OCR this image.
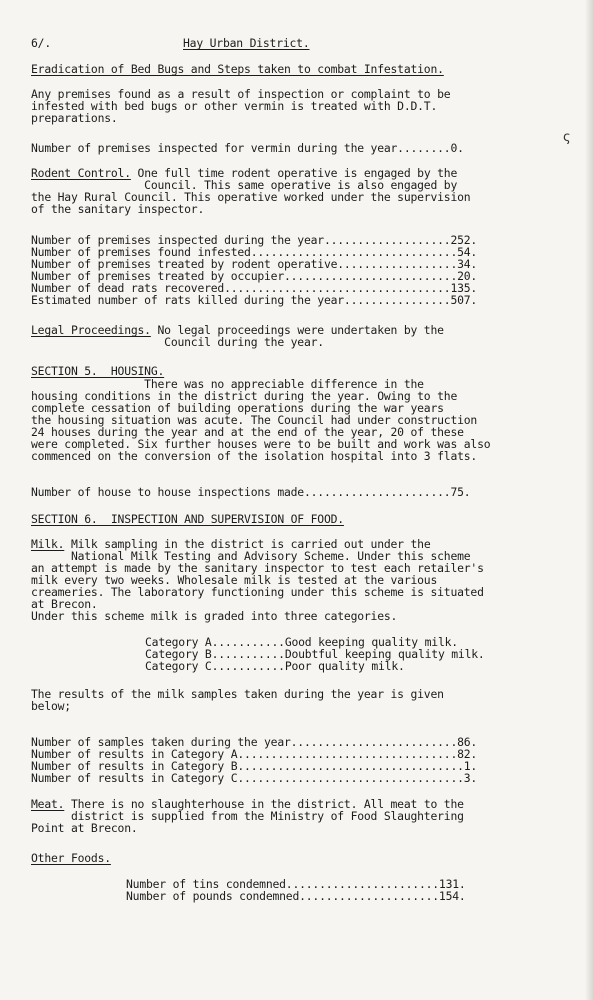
6/.	Hay Urban District.
Eradication of Bed Bugs and Steps taken to combat Infestation.
Any premises found as a result of inspection or complaint to be
infested with bed bugs or other vermin is treated with D.D.T.
preparations.
Number of premises inspected for vermin during the year........0.
Rodent Control. One full time rodent operative is engaged by the
Council. This same operative is also engaged by
the Hay Rural Council. This operative worked under the supervision
of the sanitary inspector.
Number of premises inspected during the year...................252.
Number of premises found infested...............................54.
Number of premises treated by rodent operative..................34.
Number of premises treated by occupier..........................20.
Number of dead rats recovered..................................135.
Estimated number of rats killed during the year................507.
Legal Proceedings. No legal proceedings were undertaken by the
Council during the year.
SECTION 5.  HOUSING.
There was no appreciable difference in the
housing conditions in the district during the year. Owing to the
complete cessation of building operations during the war years
the housing situation was acute. The Council had under construction
24 houses during the year and at the end of the year, 20 of these
were completed. Six further houses were to be built and work was also
commenced on the conversion of the isolation hospital into 3 flats.
Number of house to house inspections made......................75.
SECTION 6.  INSPECTION AND SUPERVISION OF FOOD.
Milk. Milk sampling in the district is carried out under the
National Milk Testing and Advisory Scheme. Under this scheme
an attempt is made by the sanitary inspector to test each retailer's
milk every two weeks. Wholesale milk is tested at the various
creameries. The laboratory functioning under this scheme is situated
at Brecon.
Under this scheme milk is graded into three categories.
Category A...........Good keeping quality milk.
Category B...........Doubtful keeping quality milk.
Category C...........Poor quality milk.
The results of the milk samples taken during the year is given
below;
Number of samples taken during the year.........................86.
Number of results in Category A.................................82.
Number of results in Category B..................................1.
Number of results in Category C..................................3.
Meat. There is no slaughterhouse in the district. All meat to the
district is supplied from the Ministry of Food Slaughtering
Point at Brecon.
Other Foods.
Number of tins condemned.......................131.
Number of pounds condemned.....................154.
ς
